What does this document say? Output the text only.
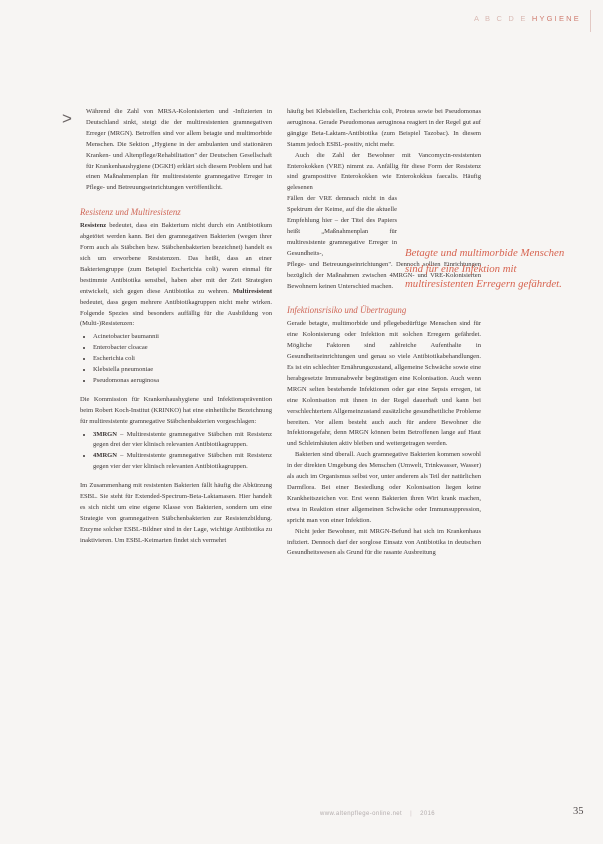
A B C D E HYGIENE
>	Während die Zahl von MRSA-Kolonisierten und -Infizierten in Deutschland sinkt, steigt die der multiresistenten gramnegativen Erreger (MRGN). Betroffen sind vor allem betagte und multimorbide Menschen. Die Sektion „Hygiene in der ambulanten und stationären Kranken- und Altenpflege/Rehabilitation" der Deutschen Gesellschaft für Krankenhaushygiene (DGKH) erklärt sich diesem Problem und hat einen Maßnahmenplan für multiresistente gramnegative Erreger in Pflege- und Betreuungseinrichtungen veröffentlicht.

Resistenz und Multiresistenz

Resistenz bedeutet, dass ein Bakterium nicht durch ein Antibiotikum abgetötet werden kann. Bei den gramnegativen Bakterien (wegen ihrer Form auch als Stäbchen bzw. Stäbchenbakterien bezeichnet) handelt es sich um erworbene Resistenzen. Das heißt, dass an einer Bakteriengruppe (zum Beispiel Escherichia coli) waren einmal für bestimmte Antibiotika sensibel, haben aber mit der Zeit Strategien entwickelt, sich gegen diese Antibiotika zu wehren. Multiresistent bedeutet, dass gegen mehrere Antibiotikagruppen nicht mehr wirken. Folgende Spezies sind besonders auffällig für die Ausbildung von (Multi-)Resistenzen:

• Acinetobacter baumannii
• Enterobacter cloacae
• Escherichia coli
• Klebsiella pneumoniae
• Pseudomonas aeruginosa

Die Kommission für Krankenhaushygiene und Infektionsprävention beim Robert Koch-Institut (KRINKO) hat eine einheitliche Bezeichnung für multiresistente gramnegative Stäbchenbakterien vorgeschlagen:

• 3MRGN – Multiresistente gramnegative Stäbchen mit Resistenz gegen drei der vier klinisch relevanten Antibiotikagruppen.
• 4MRGN – Multiresistente gramnegative Stäbchen mit Resistenz gegen vier der vier klinisch relevanten Antibiotikagruppen.

Im Zusammenhang mit resistenten Bakterien fällt häufig die Abkürzung ESBL. Sie steht für Extended-Spectrum-Beta-Laktamasen. Hier handelt es sich nicht um eine eigene Klasse von Bakterien, sondern um eine Strategie von gramnegativen Stäbchenbakterien zur Resistenzbildung. Enzyme solcher ESBL-Bildner sind in der Lage, wichtige Antibiotika zu inaktivieren. Um ESBL-Keimarten findet sich vermehrt

häufig bei Klebsiellen, Escherichia coli, Proteus sowie bei Pseudomonas aeruginosa. Gerade Pseudomonas aeruginosa reagiert in der Regel gut auf gängige Beta-Laktam-Antibiotika (zum Beispiel Tazobac). In diesem Stamm jedoch ESBL-positiv, nicht mehr.

Auch die Zahl der Bewohner mit Vancomycin-resistenten Enterokokken (VRE) nimmt zu. Anfällig für diese Form der Resistenz sind grampositive Enterokokken wie Enterokokkus faecalis. Häufig gelesenen

Fällen der VRE demnach nicht in das Spektrum der Keime, auf die die aktuelle Empfehlung hier – der Titel des Papiers heißt „Maßnahmenplan für multiresistente gramnegative Erreger in Gesundheits-,

Pflege- und Betreuungseinrichtungen". Dennoch sollten Einrichtungen bezüglich der Maßnahmen zwischen 4MRGN- und VRE-Kolonisierten Bewohnern keinen Unterschied machen.

Infektionsrisiko und Übertragung

Gerade betagte, multimorbide und pflegebedürftige Menschen sind für eine Kolonisierung oder Infektion mit solchen Erregern gefährdet. Mögliche Faktoren sind zahlreiche Aufenthalte in Gesundheitseinrichtungen und genau so viele Antibiotikabehandlungen. Es ist ein schlechter Ernährungszustand, allgemeine Schwäche sowie eine herabgesetzte Immunabwehr begünstigen eine Kolonisation. Auch wenn MRGN selten bestehende Infektionen oder gar eine Sepsis erregen, ist eine Kolonisation mit ihnen in der Regel dauerhaft und kann bei verschlechtertem Allgemeinzustand zusätzliche gesundheitliche Probleme bereiten. Vor allem besteht auch auch für andere Bewohner die Infektionsgefahr, denn MRGN können beim Betroffenen lange auf Haut und Schleimhäuten aktiv bleiben und weitergetragen werden.

Bakterien sind überall. Auch gramnegative Bakterien kommen sowohl in der direkten Umgebung des Menschen (Umwelt, Trinkwasser, Wasser) als auch im Organismus selbst vor, unter anderem als Teil der natürlichen Darmflora. Bei einer Besiedlung oder Kolonisation liegen keine Krankheitszeichen vor. Erst wenn Bakterien ihren Wirt krank machen, etwa in Reaktion einer allgemeinen Schwäche oder Immunsuppression, spricht man von einer Infektion.

Nicht jeder Bewohner, mit MRGN-Befund hat sich im Krankenhaus infiziert. Dennoch darf der sorglose Einsatz von Antibiotika in deutschen Gesundheitswesen als Grund für die rasante Ausbreitung

Betagte und multimorbide Menschen sind für eine Infektion mit multiresistenten Erregern gefährdet.
www.altenpflege-online.net | 2016	35
